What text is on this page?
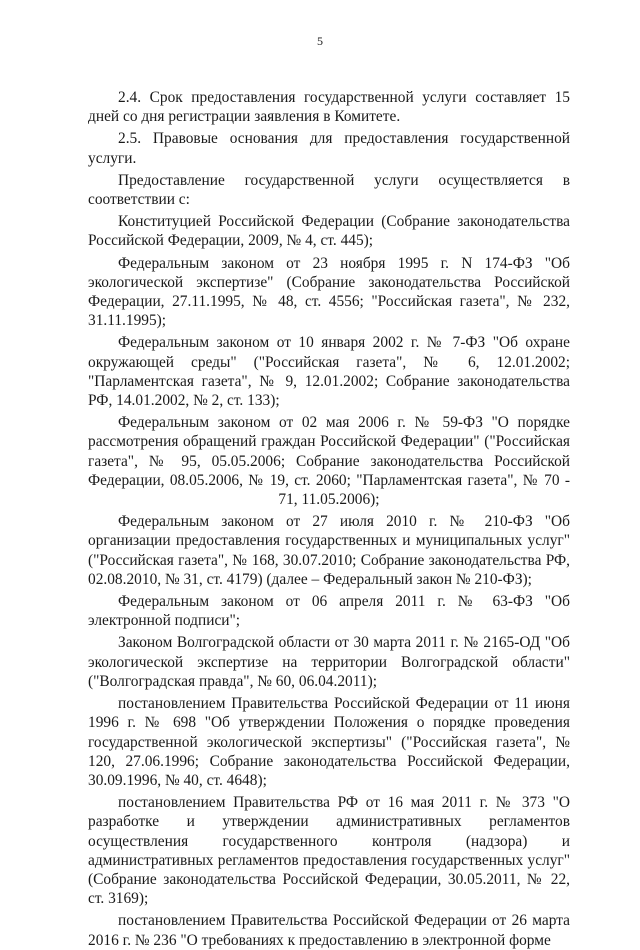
5

2.4. Срок предоставления государственной услуги составляет 15 дней со дня регистрации заявления в Комитете.

2.5. Правовые основания для предоставления государственной услуги.

Предоставление государственной услуги осуществляется в соответствии с:

Конституцией Российской Федерации (Собрание законодательства Российской Федерации, 2009, № 4, ст. 445);

Федеральным законом от 23 ноября 1995 г. N 174-ФЗ "Об экологической экспертизе" (Собрание законодательства Российской Федерации, 27.11.1995, № 48, ст. 4556; "Российская газета", № 232, 31.11.1995);

Федеральным законом от 10 января 2002 г. № 7-ФЗ "Об охране окружающей среды" ("Российская газета", № 6, 12.01.2002; "Парламентская газета", № 9, 12.01.2002; Собрание законодательства РФ, 14.01.2002, № 2, ст. 133);

Федеральным законом от 02 мая 2006 г. № 59-ФЗ "О порядке рассмотрения обращений граждан Российской Федерации" ("Российская газета", № 95, 05.05.2006; Собрание законодательства Российской Федерации, 08.05.2006, № 19, ст. 2060; "Парламентская газета", № 70 - 71, 11.05.2006);

Федеральным законом от 27 июля 2010 г. № 210-ФЗ "Об организации предоставления государственных и муниципальных услуг" ("Российская газета", № 168, 30.07.2010; Собрание законодательства РФ, 02.08.2010, № 31, ст. 4179) (далее – Федеральный закон № 210-ФЗ);

Федеральным законом от 06 апреля 2011 г. № 63-ФЗ "Об электронной подписи";

Законом Волгоградской области от 30 марта 2011 г. № 2165-ОД "Об экологической экспертизе на территории Волгоградской области" ("Волгоградская правда", № 60, 06.04.2011);

постановлением Правительства Российской Федерации от 11 июня 1996 г. № 698 "Об утверждении Положения о порядке проведения государственной экологической экспертизы" ("Российская газета", № 120, 27.06.1996; Собрание законодательства Российской Федерации, 30.09.1996, № 40, ст. 4648);

постановлением Правительства РФ от 16 мая 2011 г. № 373 "О разработке и утверждении административных регламентов осуществления государственного контроля (надзора) и административных регламентов предоставления государственных услуг" (Собрание законодательства Российской Федерации, 30.05.2011, № 22, ст. 3169);

постановлением Правительства Российской Федерации от 26 марта 2016 г. № 236 "О требованиях к предоставлению в электронной форме
